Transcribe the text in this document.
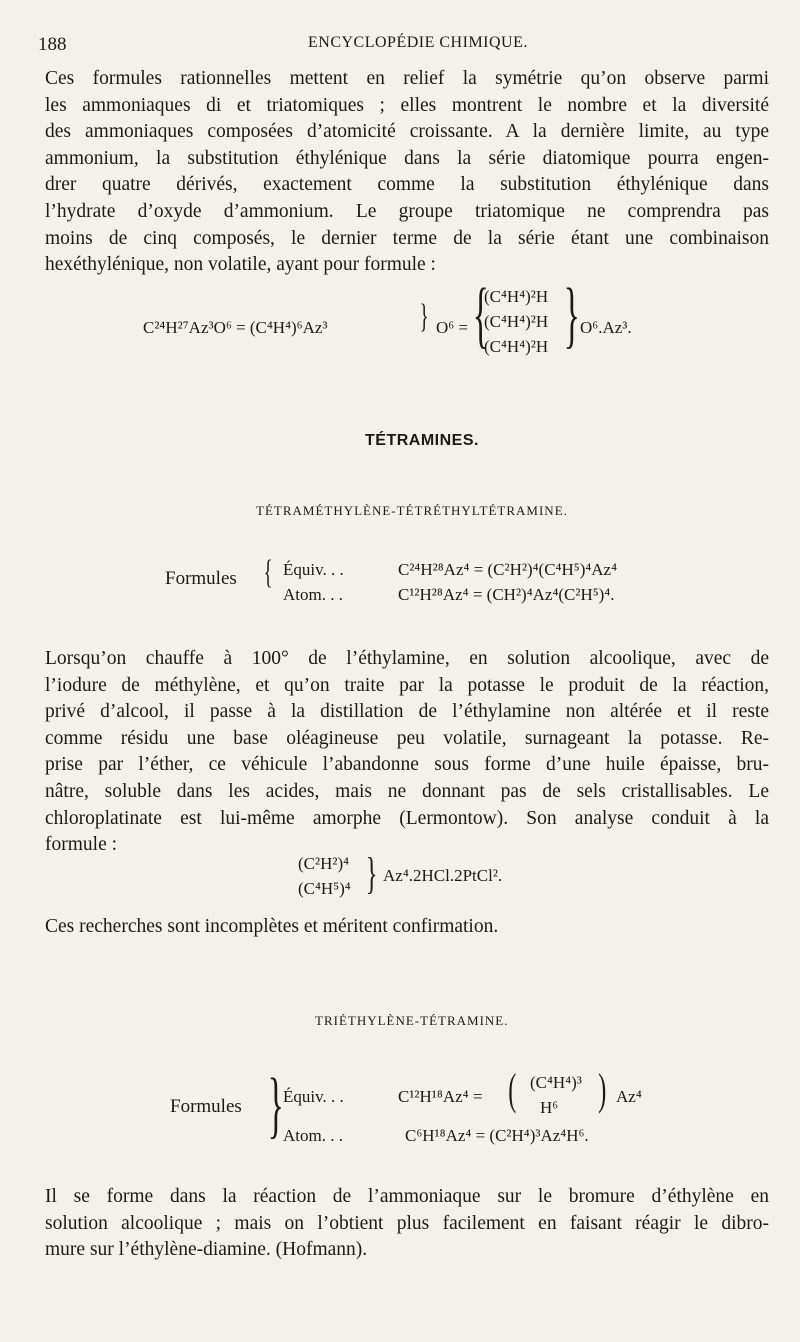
188	ENCYCLOPÉDIE CHIMIQUE.
Ces formules rationnelles mettent en relief la symétrie qu’on observe parmi
les ammoniaques di et triatomiques ; elles montrent le nombre et la diversité
des ammoniaques composées d’atomicité croissante. A la dernière limite, au type
ammonium, la substitution éthylénique dans la série diatomique pourra engen-
drer quatre dérivés, exactement comme la substitution éthylénique dans
l’hydrate d’oxyde d’ammonium. Le groupe triatomique ne comprendra pas
moins de cinq composés, le dernier terme de la série étant une combinaison
hexéthylénique, non volatile, ayant pour formule :
C²⁴H²⁷Az³O⁶ = (C⁴H⁴)⁶Az³	} O⁶ = {
(C⁴H⁴)²H
(C⁴H⁴)²H
(C⁴H⁴)²H } O⁶.Az³.
TÉTRAMINES.
TÉTRAMÉTHYLÈNE-TÉTRÉTHYLTÉTRAMINE.
Formules { Équiv. . .	C²⁴H²⁸Az⁴ = (C²H²)⁴(C⁴H⁵)⁴Az⁴
Atom. . .	C¹²H²⁸Az⁴ = (CH²)⁴Az⁴(C²H⁵)⁴.
Lorsqu’on chauffe à 100° de l’éthylamine, en solution alcoolique, avec de
l’iodure de méthylène, et qu’on traite par la potasse le produit de la réaction,
privé d’alcool, il passe à la distillation de l’éthylamine non altérée et il reste
comme résidu une base oléagineuse peu volatile, surnageant la potasse. Re-
prise par l’éther, ce véhicule l’abandonne sous forme d’une huile épaisse, bru-
nâtre, soluble dans les acides, mais ne donnant pas de sels cristallisables. Le
chloroplatinate est lui-même amorphe (Lermontow). Son analyse conduit à la
formule :
(C²H²)⁴
(C⁴H⁵)⁴ } Az⁴.2HCl.2PtCl².
Ces recherches sont incomplètes et méritent confirmation.
TRIÉTHYLÈNE-TÉTRAMINE.
Formules } Équiv. . .	C¹²H¹⁸Az⁴ = ( (C⁴H⁴)³
H⁶ ) Az⁴
Atom. . .	C⁶H¹⁸Az⁴ = (C²H⁴)³Az⁴H⁶.
Il se forme dans la réaction de l’ammoniaque sur le bromure d’éthylène en
solution alcoolique ; mais on l’obtient plus facilement en faisant réagir le dibro-
mure sur l’éthylène-diamine. (Hofmann).
